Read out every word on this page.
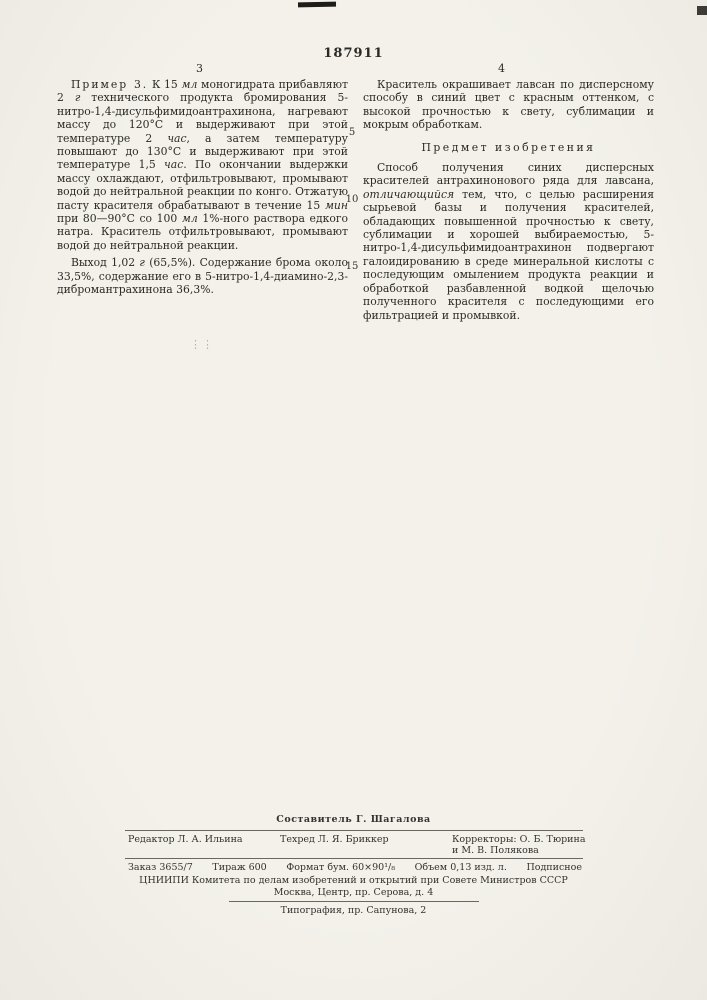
⋮⋮
187911
3	4

Пример 3. К 15 мл моногидрата прибавляют 2 г технического продукта бромирования 5-нитро-1,4-дисульфимидоантрахинона, нагревают массу до 120°С и выдерживают при этой температуре 2 час, а затем температуру повышают до 130°С и выдерживают при этой температуре 1,5 час. По окончании выдержки массу охлаждают, отфильтровывают, промывают водой до нейтральной реакции по конго. Отжатую пасту красителя обрабатывают в течение 15 мин при 80—90°С со 100 мл 1%-ного раствора едкого натра. Краситель отфильтровывают, промывают водой до нейтральной реакции.

Выход 1,02 г (65,5%). Содержание брома около 33,5%, содержание его в 5-нитро-1,4-диамино-2,3-дибромантрахинона 36,3%.

Краситель окрашивает лавсан по дисперсному способу в синий цвет с красным оттенком, с высокой прочностью к свету, сублимации и мокрым обработкам.

Предмет изобретения

Способ получения синих дисперсных красителей антрахинонового ряда для лавсана, отличающийся тем, что, с целью расширения сырьевой базы и получения красителей, обладающих повышенной прочностью к свету, сублимации и хорошей выбираемостью, 5-нитро-1,4-дисульфимидоантрахинон подвергают галоидированию в среде минеральной кислоты с последующим омылением продукта реакции и обработкой разбавленной водкой щелочью полученного красителя с последующими его фильтрацией и промывкой.

5
10
15
Составитель Г. Шагалова
Редактор Л. А. Ильина	Техред Л. Я. Бриккер	Корректоры: О. Б. Тюрина
и М. В. Полякова
Заказ 3655/7 Тираж 600 Формат бум. 60×90¹/₈ Объем 0,13 изд. л. Подписное
ЦНИИПИ Комитета по делам изобретений и открытий при Совете Министров СССР
Москва, Центр, пр. Серова, д. 4
Типография, пр. Сапунова, 2
